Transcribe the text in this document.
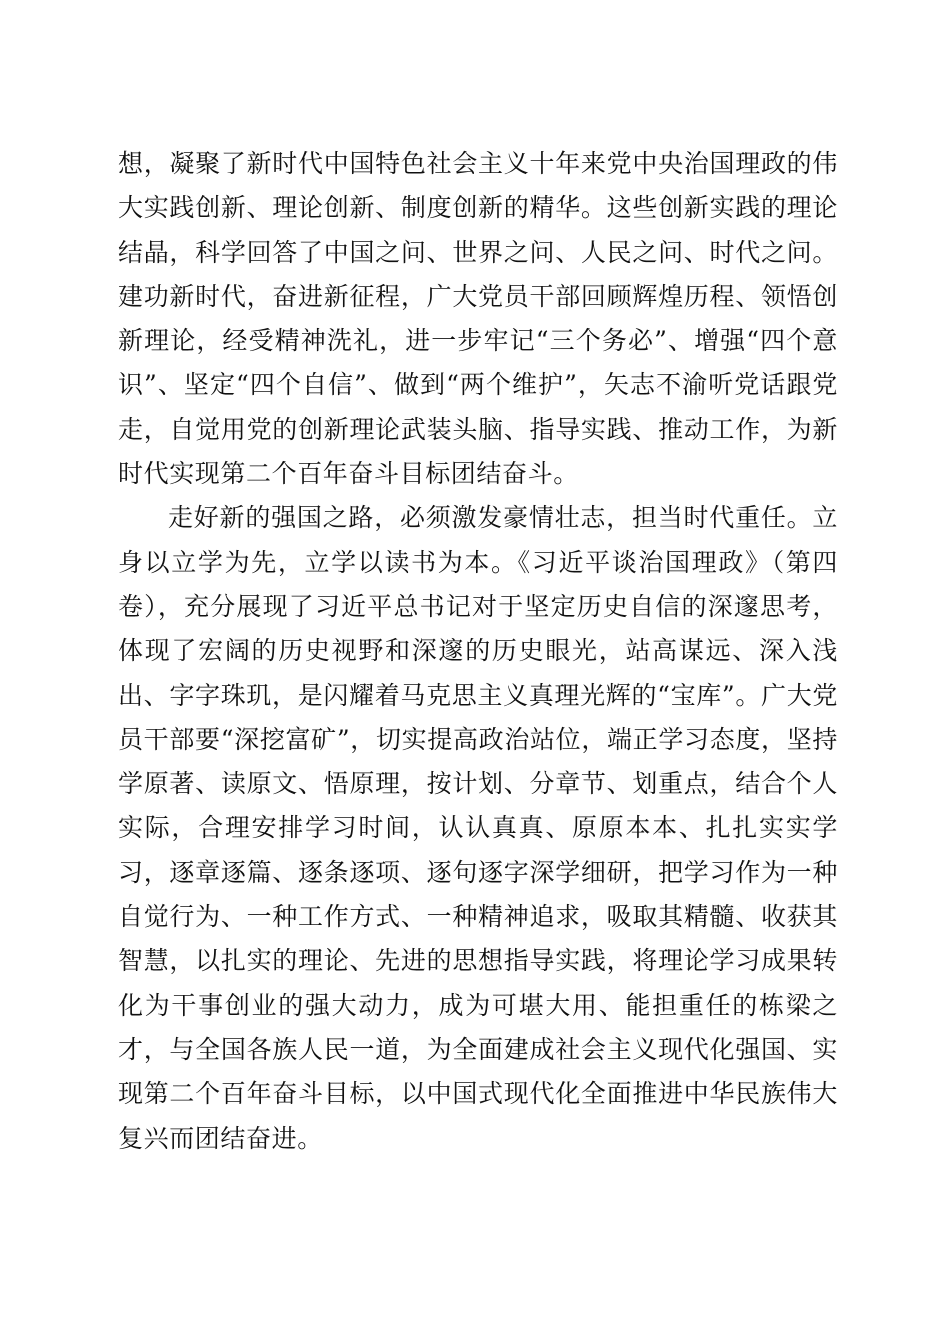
想，凝聚了新时代中国特色社会主义十年来党中央治国理政的伟大实践创新、理论创新、制度创新的精华。这些创新实践的理论结晶，科学回答了中国之问、世界之问、人民之问、时代之问。建功新时代，奋进新征程，广大党员干部回顾辉煌历程、领悟创新理论，经受精神洗礼，进一步牢记“三个务必”、增强“四个意识”、坚定“四个自信”、做到“两个维护”，矢志不渝听党话跟党走，自觉用党的创新理论武装头脑、指导实践、推动工作，为新时代实现第二个百年奋斗目标团结奋斗。

走好新的强国之路，必须激发豪情壮志，担当时代重任。立身以立学为先，立学以读书为本。《习近平谈治国理政》（第四卷），充分展现了习近平总书记对于坚定历史自信的深邃思考，体现了宏阔的历史视野和深邃的历史眼光，站高谋远、深入浅出、字字珠玑，是闪耀着马克思主义真理光辉的“宝库”。广大党员干部要“深挖富矿”，切实提高政治站位，端正学习态度，坚持学原著、读原文、悟原理，按计划、分章节、划重点，结合个人实际，合理安排学习时间，认认真真、原原本本、扎扎实实学习，逐章逐篇、逐条逐项、逐句逐字深学细研，把学习作为一种自觉行为、一种工作方式、一种精神追求，吸取其精髓、收获其智慧，以扎实的理论、先进的思想指导实践，将理论学习成果转化为干事创业的强大动力，成为可堪大用、能担重任的栋梁之才，与全国各族人民一道，为全面建成社会主义现代化强国、实现第二个百年奋斗目标，以中国式现代化全面推进中华民族伟大复兴而团结奋进。
